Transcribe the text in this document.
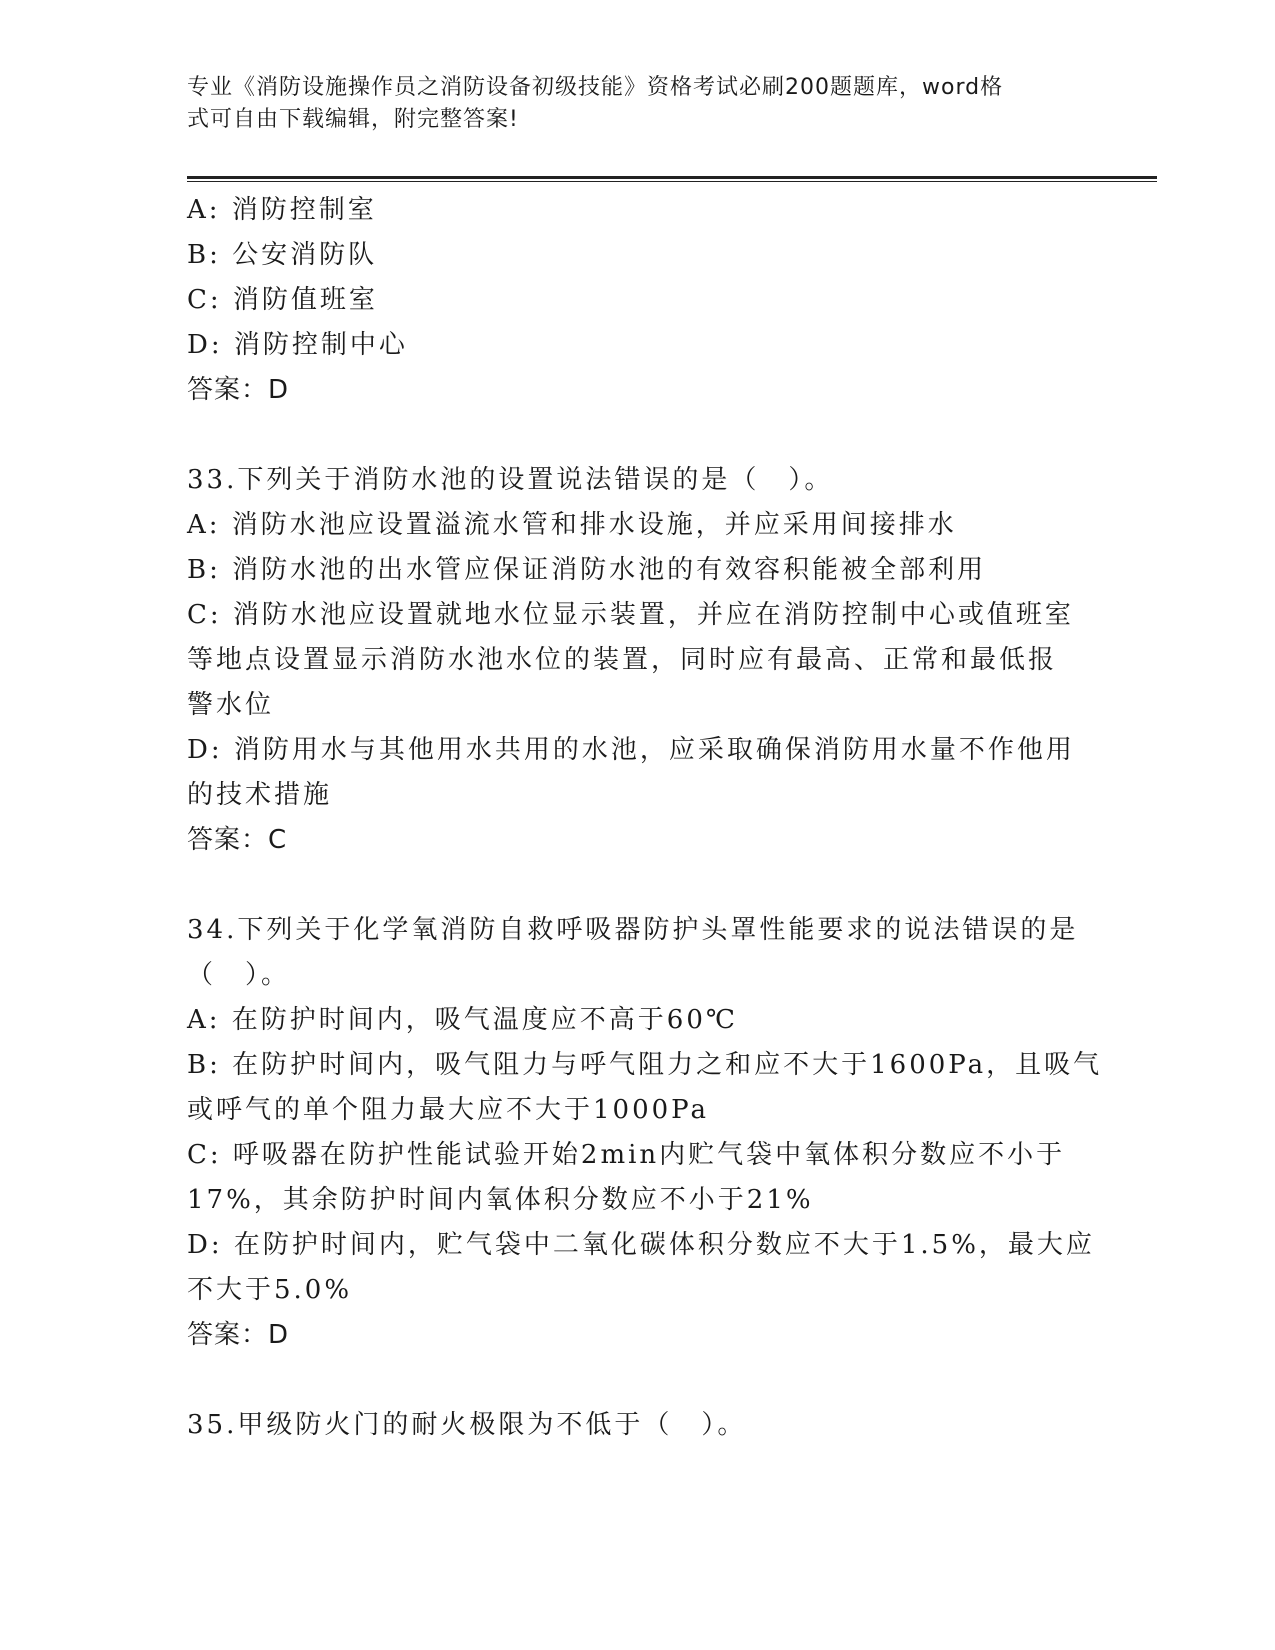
专业《消防设施操作员之消防设备初级技能》资格考试必刷200题题库，word格
式可自由下载编辑，附完整答案!
A: 消防控制室
B: 公安消防队
C: 消防值班室
D: 消防控制中心
答案：D
33.下列关于消防水池的设置说法错误的是（　）。
A: 消防水池应设置溢流水管和排水设施，并应采用间接排水
B: 消防水池的出水管应保证消防水池的有效容积能被全部利用
C: 消防水池应设置就地水位显示装置，并应在消防控制中心或值班室
等地点设置显示消防水池水位的装置，同时应有最高、正常和最低报
警水位
D: 消防用水与其他用水共用的水池，应采取确保消防用水量不作他用
的技术措施
答案：C
34.下列关于化学氧消防自救呼吸器防护头罩性能要求的说法错误的是
（　）。
A: 在防护时间内，吸气温度应不高于60℃
B: 在防护时间内，吸气阻力与呼气阻力之和应不大于1600Pa，且吸气
或呼气的单个阻力最大应不大于1000Pa
C: 呼吸器在防护性能试验开始2min内贮气袋中氧体积分数应不小于
17%，其余防护时间内氧体积分数应不小于21%
D: 在防护时间内，贮气袋中二氧化碳体积分数应不大于1.5%，最大应
不大于5.0%
答案：D
35.甲级防火门的耐火极限为不低于（　）。
